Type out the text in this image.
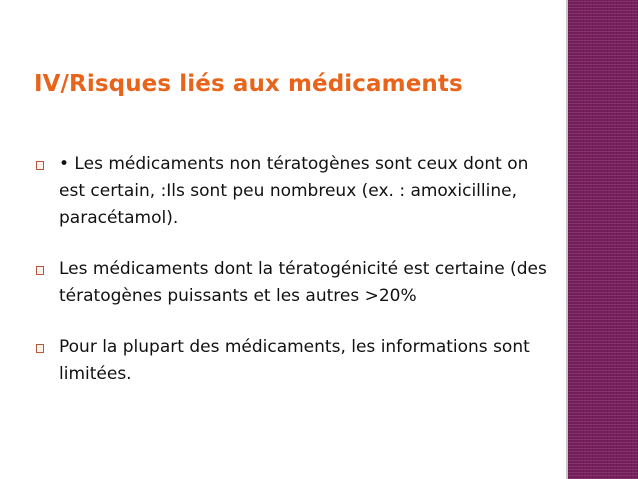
IV/Risques liés aux médicaments
• Les médicaments non tératogènes sont ceux dont on est certain, :Ils sont peu nombreux (ex. : amoxicilline, paracétamol).
Les médicaments dont la tératogénicité est certaine (des tératogènes puissants et les autres >20%
Pour la plupart des médicaments, les informations sont limitées.
